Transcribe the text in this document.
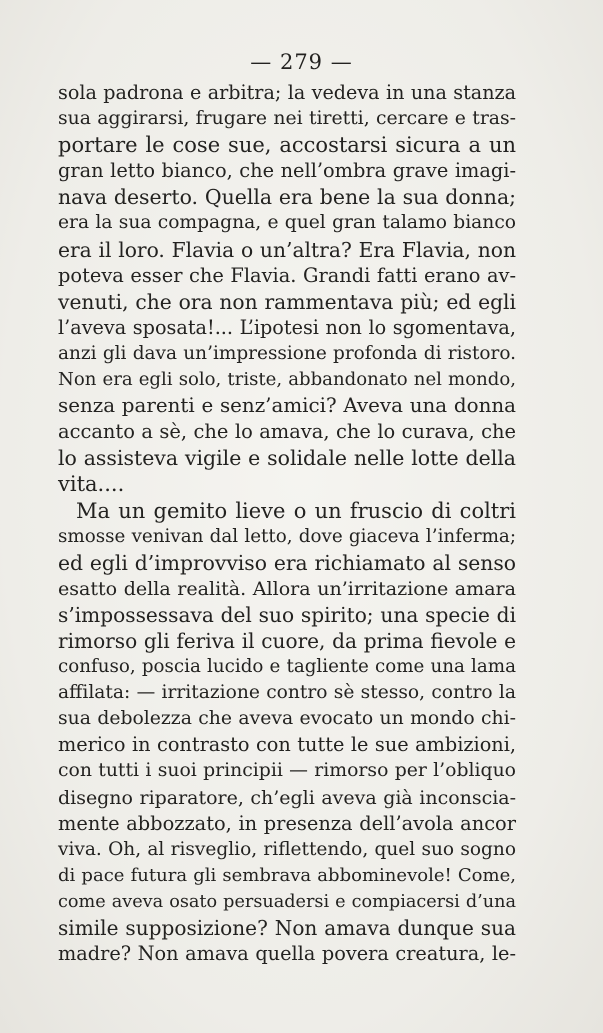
— 279 —
sola padrona e arbitra; la vedeva in una stanza
sua aggirarsi, frugare nei tiretti, cercare e tras-
portare le cose sue, accostarsi sicura a un
gran letto bianco, che nell’ombra grave imagi-
nava deserto. Quella era bene la sua donna;
era la sua compagna, e quel gran talamo bianco
era il loro. Flavia o un’altra? Era Flavia, non
poteva esser che Flavia. Grandi fatti erano av-
venuti, che ora non rammentava più; ed egli
l’aveva sposata!... L’ipotesi non lo sgomentava,
anzi gli dava un’impressione profonda di ristoro.
Non era egli solo, triste, abbandonato nel mondo,
senza parenti e senz’amici? Aveva una donna
accanto a sè, che lo amava, che lo curava, che
lo assisteva vigile e solidale nelle lotte della
vita....
Ma un gemito lieve o un fruscio di coltri
smosse venivan dal letto, dove giaceva l’inferma;
ed egli d’improvviso era richiamato al senso
esatto della realità. Allora un’irritazione amara
s’impossessava del suo spirito; una specie di
rimorso gli feriva il cuore, da prima fievole e
confuso, poscia lucido e tagliente come una lama
affilata: — irritazione contro sè stesso, contro la
sua debolezza che aveva evocato un mondo chi-
merico in contrasto con tutte le sue ambizioni,
con tutti i suoi principii — rimorso per l’obliquo
disegno riparatore, ch’egli aveva già inconscia-
mente abbozzato, in presenza dell’avola ancor
viva. Oh, al risveglio, riflettendo, quel suo sogno
di pace futura gli sembrava abbominevole! Come,
come aveva osato persuadersi e compiacersi d’una
simile supposizione? Non amava dunque sua
madre? Non amava quella povera creatura, le-
